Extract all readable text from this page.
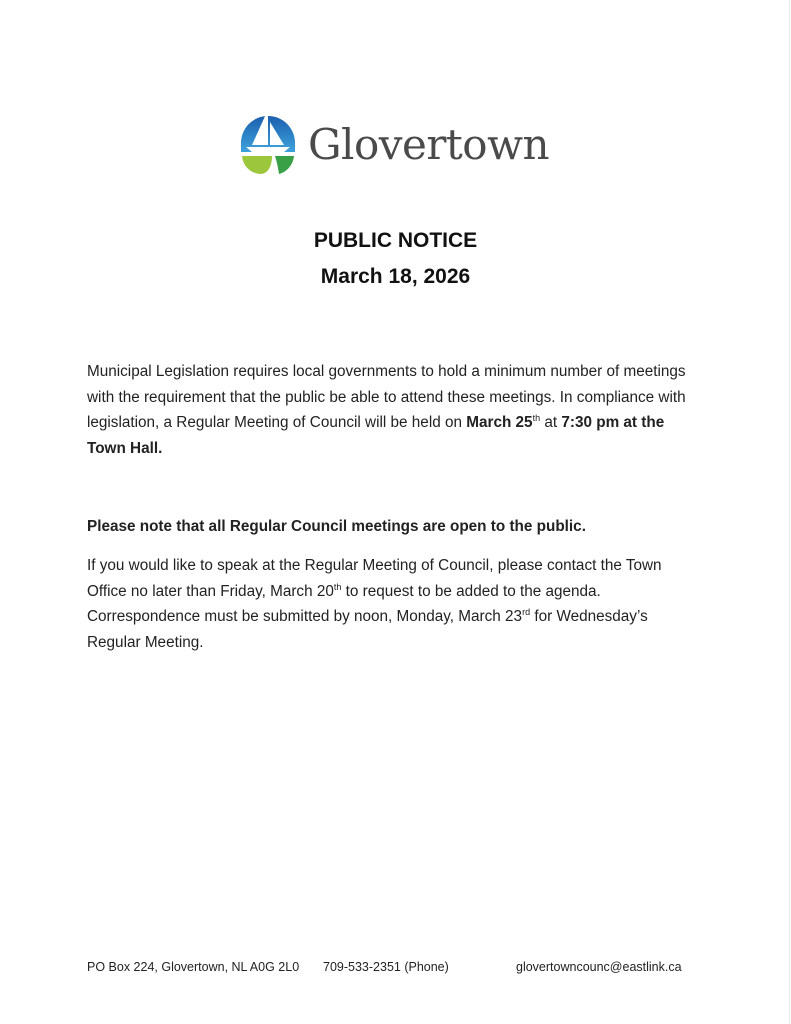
Glovertown
PUBLIC NOTICE
March 18, 2026
Municipal Legislation requires local governments to hold a minimum number of meetings with the requirement that the public be able to attend these meetings. In compliance with legislation, a Regular Meeting of Council will be held on March 25th at 7:30 pm at the Town Hall.
Please note that all Regular Council meetings are open to the public.
If you would like to speak at the Regular Meeting of Council, please contact the Town Office no later than Friday, March 20th to request to be added to the agenda. Correspondence must be submitted by noon, Monday, March 23rd for Wednesday’s Regular Meeting.
PO Box 224, Glovertown, NL A0G 2L0 709-533-2351 (Phone)	glovertowncounc@eastlink.ca
